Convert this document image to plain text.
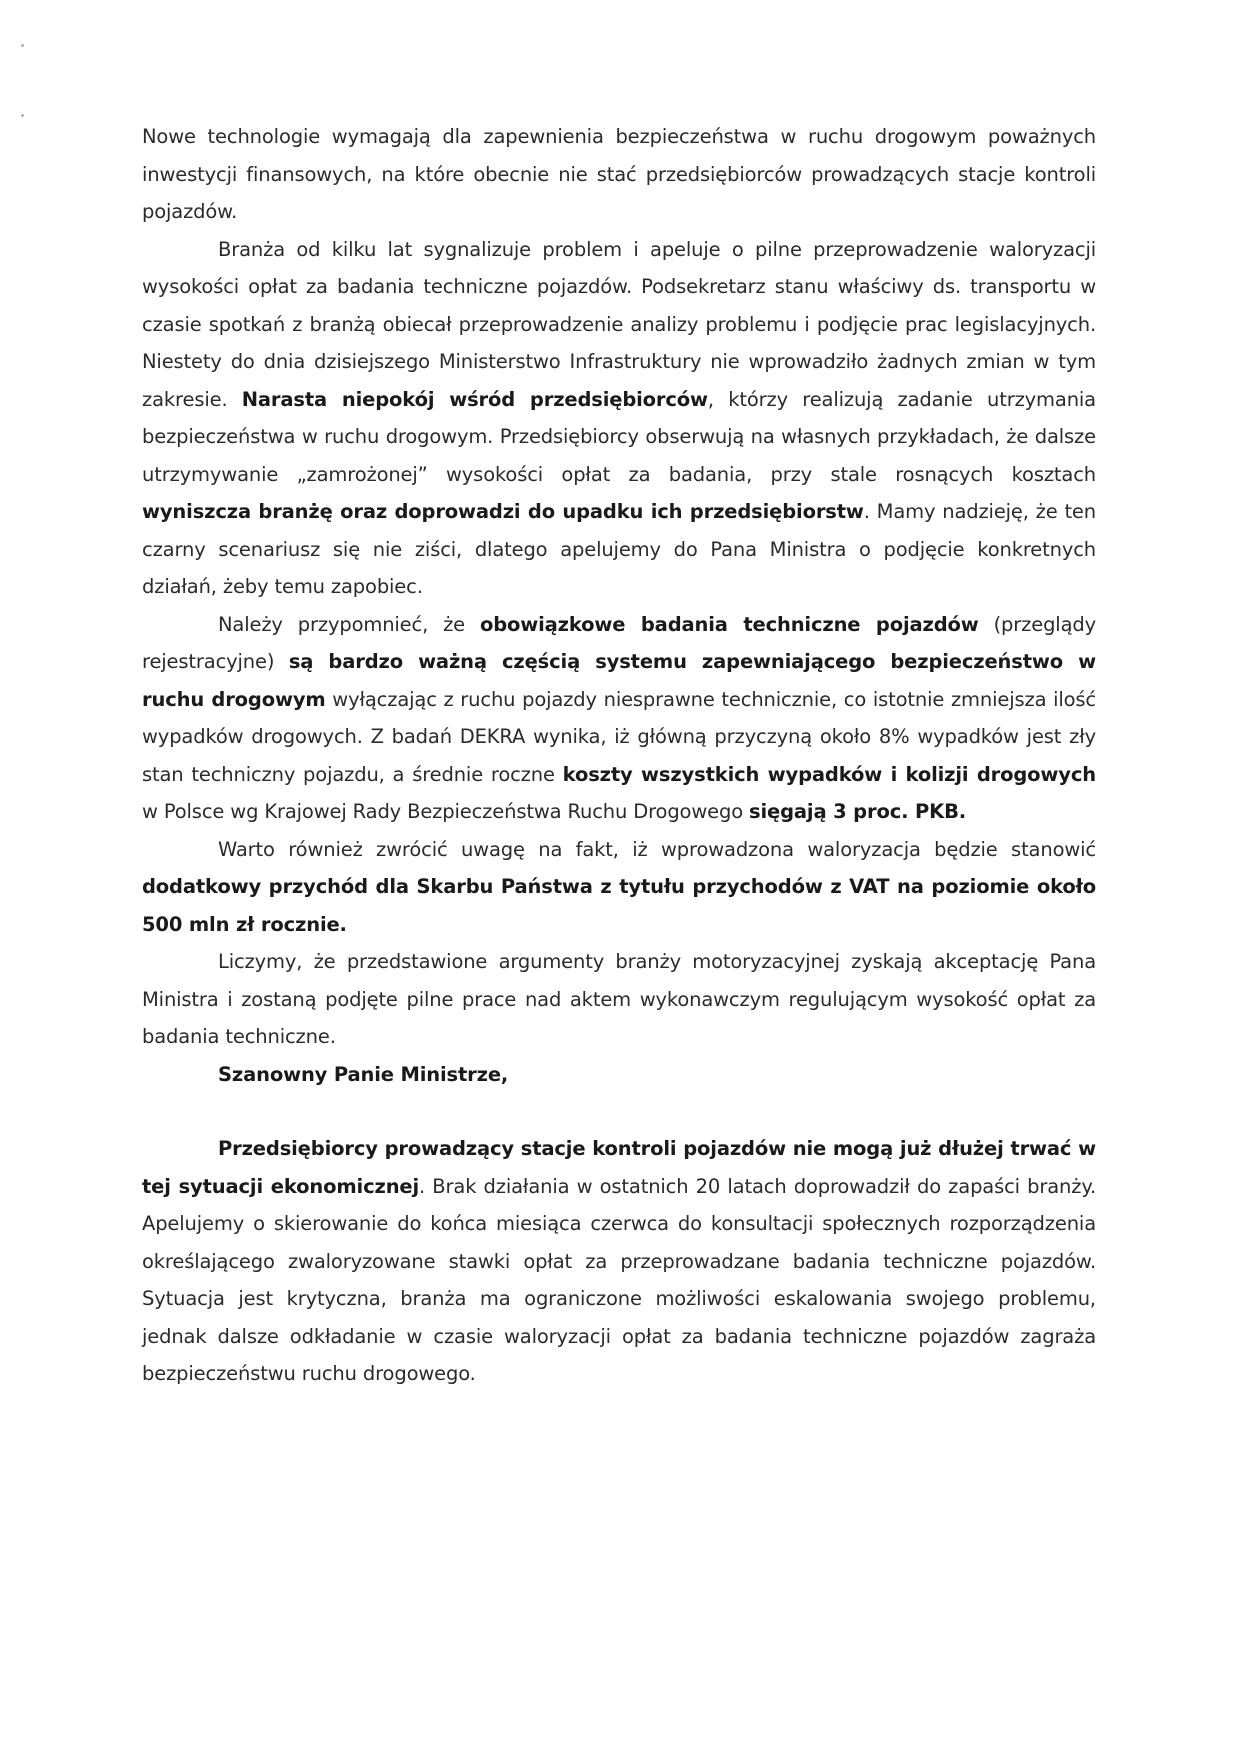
Nowe technologie wymagają dla zapewnienia bezpieczeństwa w ruchu drogowym poważnych inwestycji finansowych, na które obecnie nie stać przedsiębiorców prowadzących stacje kontroli pojazdów.

Branża od kilku lat sygnalizuje problem i apeluje o pilne przeprowadzenie waloryzacji wysokości opłat za badania techniczne pojazdów. Podsekretarz stanu właściwy ds. transportu w czasie spotkań z branżą obiecał przeprowadzenie analizy problemu i podjęcie prac legislacyjnych. Niestety do dnia dzisiejszego Ministerstwo Infrastruktury nie wprowadziło żadnych zmian w tym zakresie. Narasta niepokój wśród przedsiębiorców, którzy realizują zadanie utrzymania bezpieczeństwa w ruchu drogowym. Przedsiębiorcy obserwują na własnych przykładach, że dalsze utrzymywanie „zamrożonej” wysokości opłat za badania, przy stale rosnących kosztach wyniszcza branżę oraz doprowadzi do upadku ich przedsiębiorstw. Mamy nadzieję, że ten czarny scenariusz się nie ziści, dlatego apelujemy do Pana Ministra o podjęcie konkretnych działań, żeby temu zapobiec.

Należy przypomnieć, że obowiązkowe badania techniczne pojazdów (przeglądy rejestracyjne) są bardzo ważną częścią systemu zapewniającego bezpieczeństwo w ruchu drogowym wyłączając z ruchu pojazdy niesprawne technicznie, co istotnie zmniejsza ilość wypadków drogowych. Z badań DEKRA wynika, iż główną przyczyną około 8% wypadków jest zły stan techniczny pojazdu, a średnie roczne koszty wszystkich wypadków i kolizji drogowych w Polsce wg Krajowej Rady Bezpieczeństwa Ruchu Drogowego sięgają 3 proc. PKB.

Warto również zwrócić uwagę na fakt, iż wprowadzona waloryzacja będzie stanowić dodatkowy przychód dla Skarbu Państwa z tytułu przychodów z VAT na poziomie około 500 mln zł rocznie.

Liczymy, że przedstawione argumenty branży motoryzacyjnej zyskają akceptację Pana Ministra i zostaną podjęte pilne prace nad aktem wykonawczym regulującym wysokość opłat za badania techniczne.

Szanowny Panie Ministrze,

Przedsiębiorcy prowadzący stacje kontroli pojazdów nie mogą już dłużej trwać w tej sytuacji ekonomicznej. Brak działania w ostatnich 20 latach doprowadził do zapaści branży. Apelujemy o skierowanie do końca miesiąca czerwca do konsultacji społecznych rozporządzenia określającego zwaloryzowane stawki opłat za przeprowadzane badania techniczne pojazdów. Sytuacja jest krytyczna, branża ma ograniczone możliwości eskalowania swojego problemu, jednak dalsze odkładanie w czasie waloryzacji opłat za badania techniczne pojazdów zagraża bezpieczeństwu ruchu drogowego.
